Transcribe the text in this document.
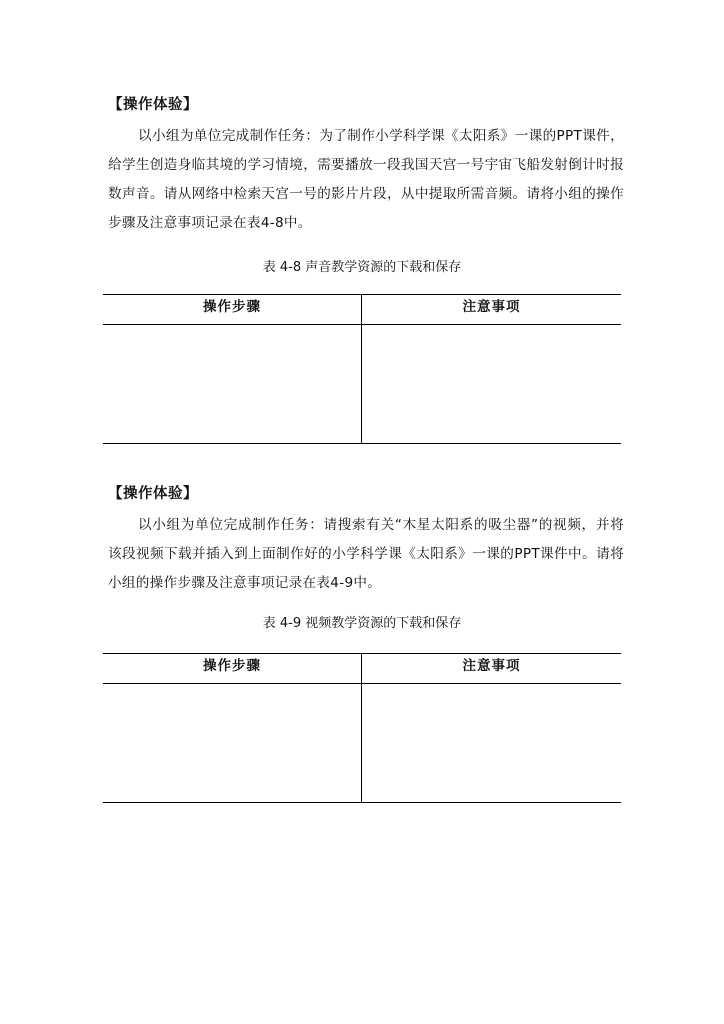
【操作体验】
以小组为单位完成制作任务：为了制作小学科学课《太阳系》一课的PPT课件，给学生创造身临其境的学习情境，需要播放一段我国天宫一号宇宙飞船发射倒计时报数声音。请从网络中检索天宫一号的影片片段，从中提取所需音频。请将小组的操作步骤及注意事项记录在表4-8中。
表 4-8 声音教学资源的下载和保存
操作步骤	注意事项
【操作体验】
以小组为单位完成制作任务：请搜索有关“木星太阳系的吸尘器”的视频，并将该段视频下载并插入到上面制作好的小学科学课《太阳系》一课的PPT课件中。请将小组的操作步骤及注意事项记录在表4-9中。
表 4-9 视频教学资源的下载和保存
操作步骤	注意事项
